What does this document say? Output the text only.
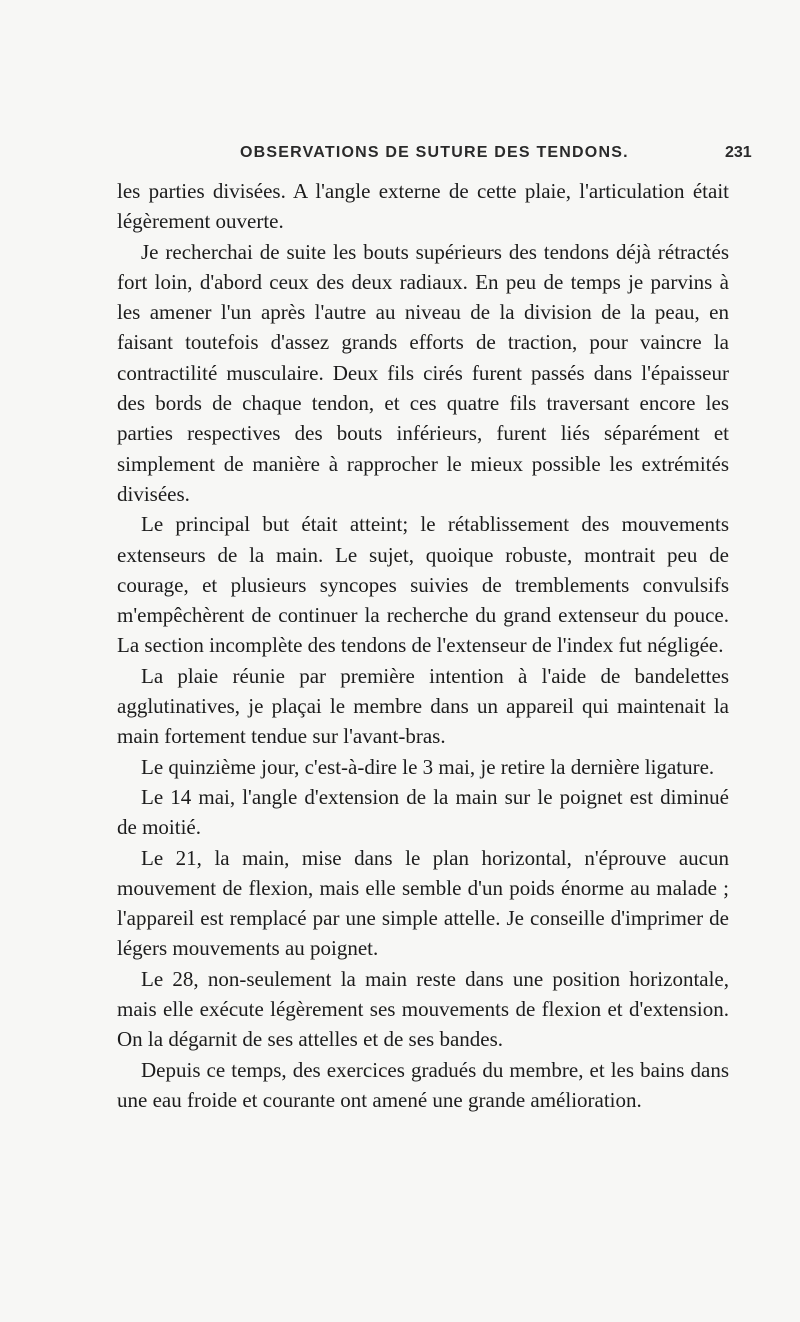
OBSERVATIONS DE SUTURE DES TENDONS.	231

les parties divisées. A l'angle externe de cette plaie, l'articulation était légèrement ouverte.

Je recherchai de suite les bouts supérieurs des tendons déjà rétractés fort loin, d'abord ceux des deux radiaux. En peu de temps je parvins à les amener l'un après l'autre au niveau de la division de la peau, en faisant toutefois d'assez grands efforts de traction, pour vaincre la contractilité musculaire. Deux fils cirés furent passés dans l'épaisseur des bords de chaque tendon, et ces quatre fils traversant encore les parties respectives des bouts inférieurs, furent liés séparément et simplement de manière à rapprocher le mieux possible les extrémités divisées.

Le principal but était atteint; le rétablissement des mouvements extenseurs de la main. Le sujet, quoique robuste, montrait peu de courage, et plusieurs syncopes suivies de tremblements convulsifs m'empêchèrent de continuer la recherche du grand extenseur du pouce. La section incomplète des tendons de l'extenseur de l'index fut négligée.

La plaie réunie par première intention à l'aide de bandelettes agglutinatives, je plaçai le membre dans un appareil qui maintenait la main fortement tendue sur l'avant-bras.

Le quinzième jour, c'est-à-dire le 3 mai, je retire la dernière ligature.

Le 14 mai, l'angle d'extension de la main sur le poignet est diminué de moitié.

Le 21, la main, mise dans le plan horizontal, n'éprouve aucun mouvement de flexion, mais elle semble d'un poids énorme au malade ; l'appareil est remplacé par une simple attelle. Je conseille d'imprimer de légers mouvements au poignet.

Le 28, non-seulement la main reste dans une position horizontale, mais elle exécute légèrement ses mouvements de flexion et d'extension. On la dégarnit de ses attelles et de ses bandes.

Depuis ce temps, des exercices gradués du membre, et les bains dans une eau froide et courante ont amené une grande amélioration.
